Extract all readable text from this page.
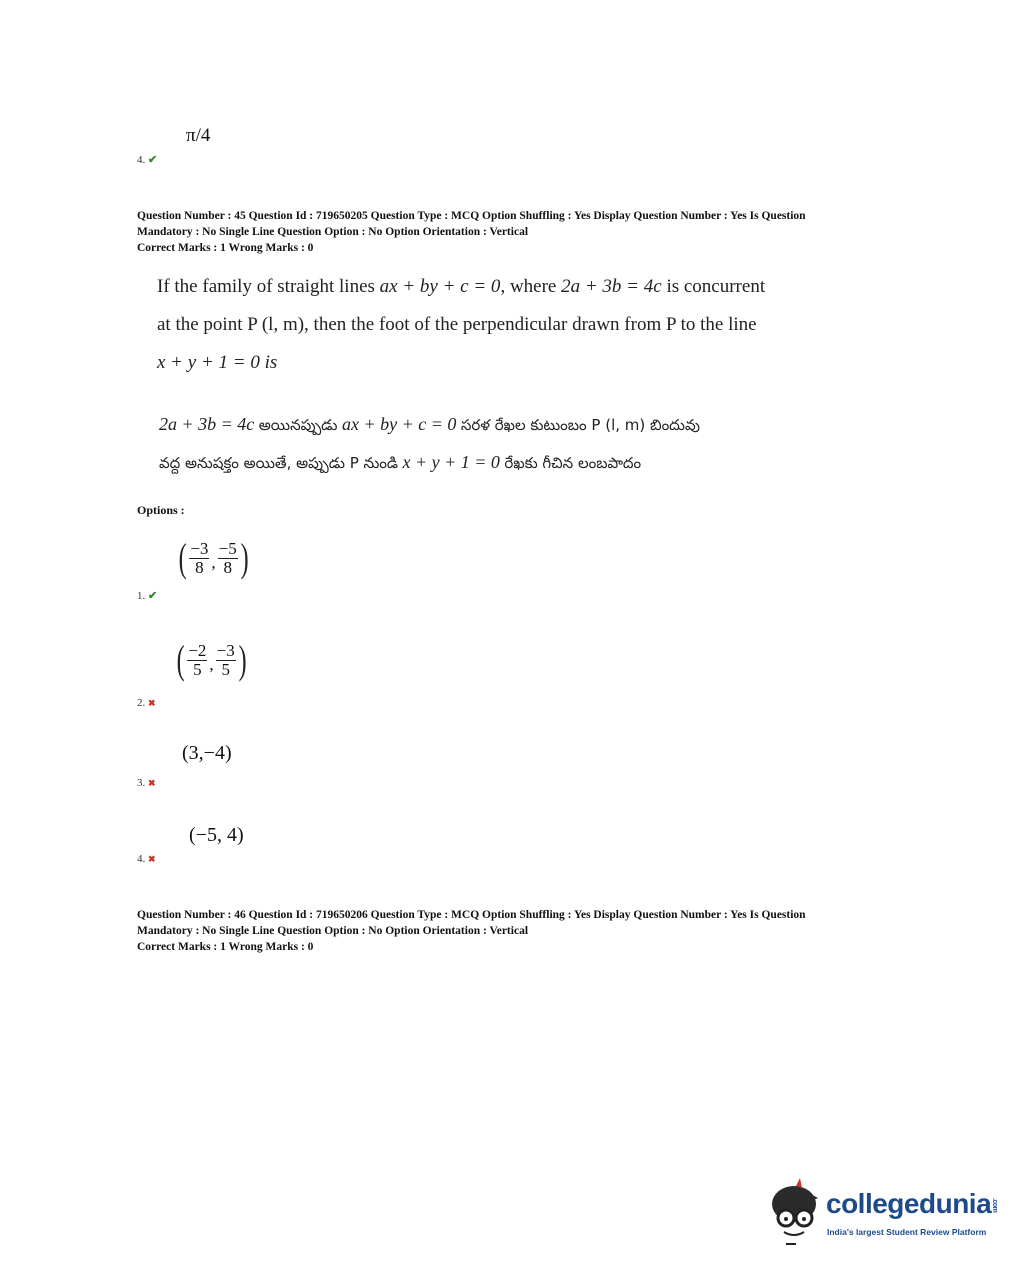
π/4
4. ✔
Question Number : 45 Question Id : 719650205 Question Type : MCQ Option Shuffling : Yes Display Question Number : Yes Is Question
Mandatory : No Single Line Question Option : No Option Orientation : Vertical
Correct Marks : 1 Wrong Marks : 0
If the family of straight lines ax + by + c = 0, where 2a + 3b = 4c is concurrent
at the point P (l, m), then the foot of the perpendicular drawn from P to the line
x + y + 1 = 0 is
2a + 3b = 4c అయినప్పుడు ax + by + c = 0 సరళ రేఖల కుటుంబం P (l, m) బిందువు
వద్ద అనుషక్తం అయితే, అప్పుడు P నుండి x + y + 1 = 0 రేఖకు గీచిన లంబపాదం
Options :
( $\frac{-3}{8}$ , $\frac{-5}{8}$ )
1. ✔
( $\frac{-2}{5}$ , $\frac{-3}{5}$ )
2. ✖
(3,−4)
3. ✖
(−5, 4)
4. ✖
Question Number : 46 Question Id : 719650206 Question Type : MCQ Option Shuffling : Yes Display Question Number : Yes Is Question
Mandatory : No Single Line Question Option : No Option Orientation : Vertical
Correct Marks : 1 Wrong Marks : 0
collegedunia.com
India's largest Student Review Platform
